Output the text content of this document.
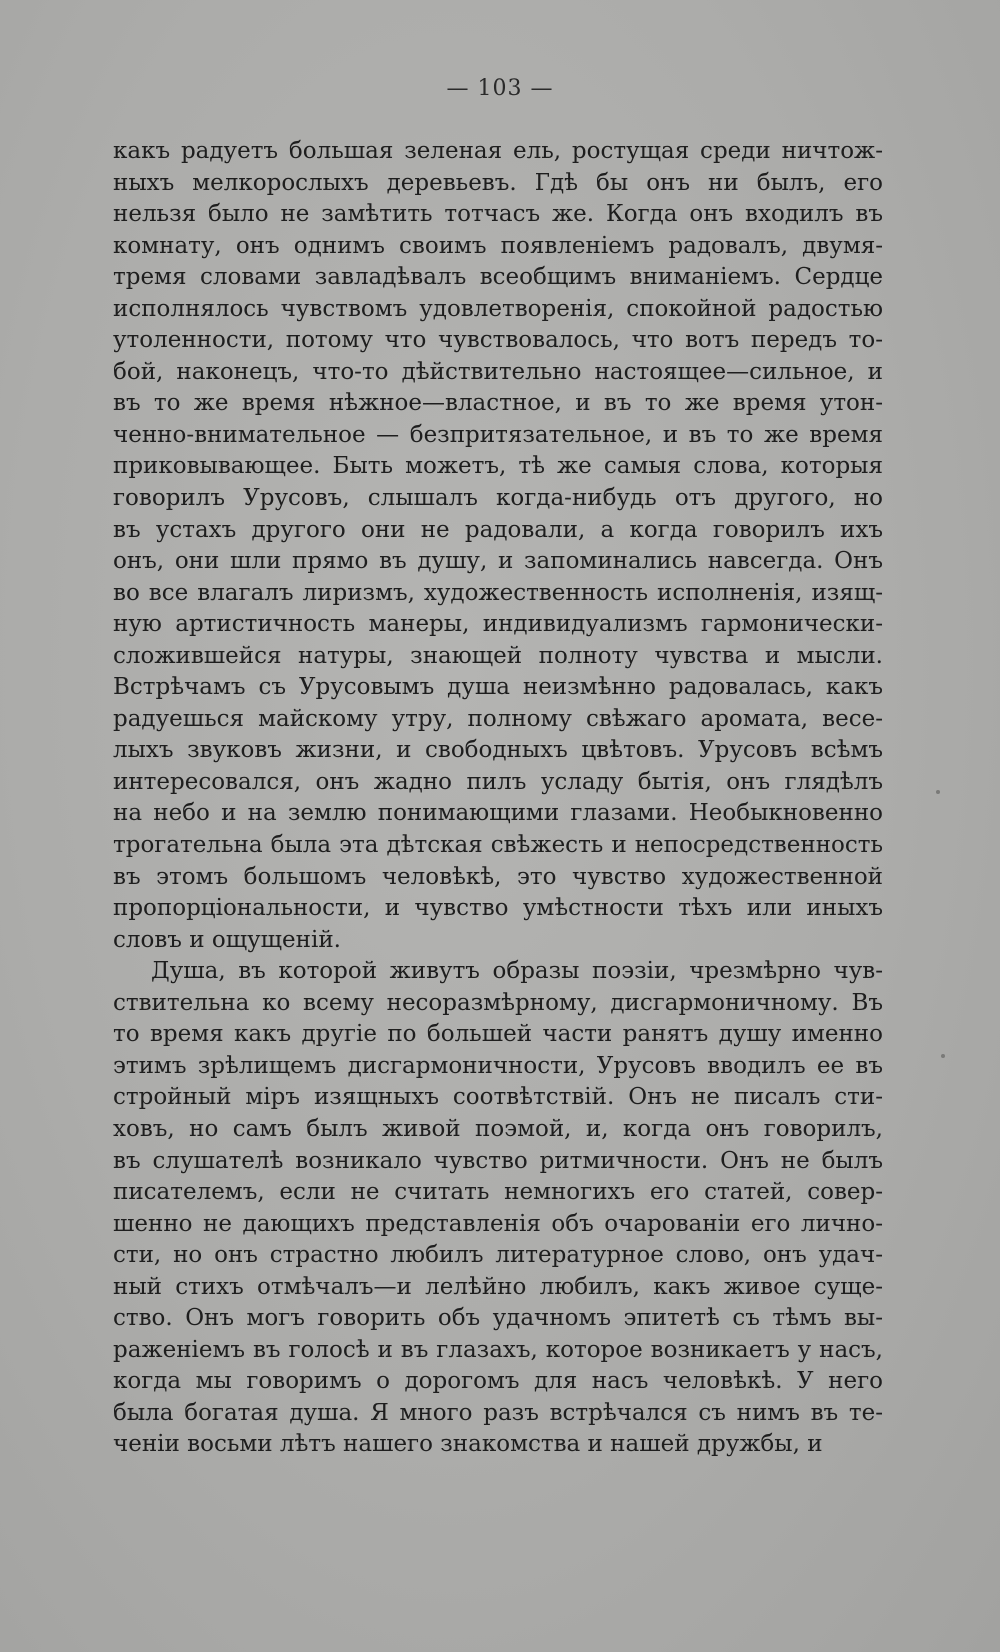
— 103 —
какъ радуетъ большая зеленая ель, ростущая среди ничтож-
ныхъ мелкорослыхъ деревьевъ. Гдѣ бы онъ ни былъ, его
нельзя было не замѣтить тотчасъ же. Когда онъ входилъ въ
комнату, онъ однимъ своимъ появленіемъ радовалъ, двумя-
тремя словами завладѣвалъ всеобщимъ вниманіемъ. Сердце
исполнялось чувствомъ удовлетворенія, спокойной радостью
утоленности, потому что чувствовалось, что вотъ передъ то-
бой, наконецъ, что-то дѣйствительно настоящее—сильное, и
въ то же время нѣжное—властное, и въ то же время утон-
ченно-внимательное — безпритязательное, и въ то же время
приковывающее. Быть можетъ, тѣ же самыя слова, которыя
говорилъ Урусовъ, слышалъ когда-нибудь отъ другого, но
въ устахъ другого они не радовали, а когда говорилъ ихъ
онъ, они шли прямо въ душу, и запоминались навсегда. Онъ
во все влагалъ лиризмъ, художественность исполненія, изящ-
ную артистичность манеры, индивидуализмъ гармонически-
сложившейся натуры, знающей полноту чувства и мысли.
Встрѣчамъ съ Урусовымъ душа неизмѣнно радовалась, какъ
радуешься майскому утру, полному свѣжаго аромата, весе-
лыхъ звуковъ жизни, и свободныхъ цвѣтовъ. Урусовъ всѣмъ
интересовался, онъ жадно пилъ усладу бытія, онъ глядѣлъ
на небо и на землю понимающими глазами. Необыкновенно
трогательна была эта дѣтская свѣжесть и непосредственность
въ этомъ большомъ человѣкѣ, это чувство художественной
пропорціональности, и чувство умѣстности тѣхъ или иныхъ
словъ и ощущеній.
Душа, въ которой живутъ образы поэзіи, чрезмѣрно чув-
ствительна ко всему несоразмѣрному, дисгармоничному. Въ
то время какъ другіе по большей части ранятъ душу именно
этимъ зрѣлищемъ дисгармоничности, Урусовъ вводилъ ее въ
стройный міръ изящныхъ соотвѣтствій. Онъ не писалъ сти-
ховъ, но самъ былъ живой поэмой, и, когда онъ говорилъ,
въ слушателѣ возникало чувство ритмичности. Онъ не былъ
писателемъ, если не считать немногихъ его статей, совер-
шенно не дающихъ представленія объ очарованіи его лично-
сти, но онъ страстно любилъ литературное слово, онъ удач-
ный стихъ отмѣчалъ—и лелѣйно любилъ, какъ живое суще-
ство. Онъ могъ говорить объ удачномъ эпитетѣ съ тѣмъ вы-
раженіемъ въ голосѣ и въ глазахъ, которое возникаетъ у насъ,
когда мы говоримъ о дорогомъ для насъ человѣкѣ. У него
была богатая душа. Я много разъ встрѣчался съ нимъ въ те-
ченіи восьми лѣтъ нашего знакомства и нашей дружбы, и
